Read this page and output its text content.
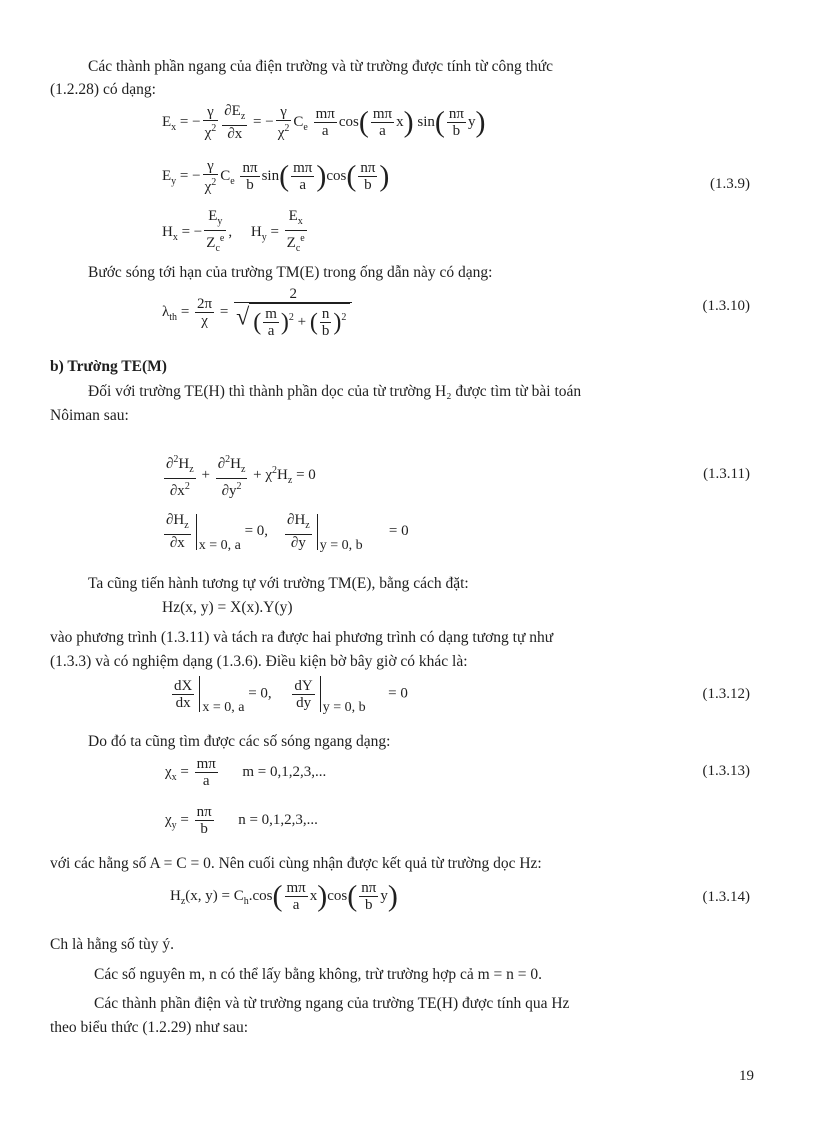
Các thành phần ngang của điện trường và từ trường được tính từ công thức
(1.2.28) có dạng:
$E_x$ = − $\frac{\gamma}{\chi^2} \frac{\partial E_z}{\partial x}$ = − $\frac{\gamma}{\chi^2} C_e \frac{m\pi}{a} \cos( \frac{m\pi}{a} x)$ $\sin( \frac{n\pi}{b} y)$
$E_y$ = − $\frac{\gamma}{\chi^2} C_e \frac{n\pi}{b} \sin( \frac{m\pi}{a} )\cos( \frac{n\pi}{b}$ )	(1.3.9)
$H_x$ = − $\frac{E_y}{Z_c^e}$ ,     $H_y = \frac{E_x}{Z_c^e}$
Bước sóng tới hạn của trường TM(E) trong ống dẫn này có dạng:
$\lambda_{th} = \frac{2\pi}{\chi} = \frac{2}{√ ( \frac{m}{a} )^2 + ( \frac{n}{b} )^2}$	(1.3.10)
b) Trường TE(M)
Đối với trường TE(H) thì thành phần dọc của từ trường H₂ được tìm từ bài toán
Nôiman sau:
$\frac{\partial^2H_z}{\partial x^2} + \frac{\partial^2H_z}{\partial y^2} + \chi^2H_z = 0$	(1.3.11)
$\frac{\partial H_z}{\partial x}$ x = 0, a = 0, $\frac{\partial H_z}{\partial y}$ y = 0, b       = 0
Ta cũng tiến hành tương tự với trường TM(E), bằng cách đặt:
Hz(x, y) = X(x).Y(y)
vào phương trình (1.3.11) và tách ra được hai phương trình có dạng tương tự như
(1.3.3) và có nghiệm dạng (1.3.6). Điều kiện bờ bây giờ có khác là:
$\frac{dX}{dx}$ x = 0, a = 0, $\frac{dY}{dy}$ y = 0, b      = 0	(1.3.12)
Do đó ta cũng tìm được các số sóng ngang dạng:
$\chi_x = \frac{m\pi}{a}$ m = 0,1,2,3,...	(1.3.13)
$\chi_y = \frac{n\pi}{b}$ n = 0,1,2,3,...
với các hằng số A = C = 0. Nên cuối cùng nhận được kết quả từ trường dọc Hz:
$H_z(x$, $y) = C_h.\cos( \frac{m\pi}{a} x)\cos( \frac{n\pi}{b} y)$	(1.3.14)
Ch là hằng số tùy ý.
Các số nguyên m, n có thể lấy bằng không, trừ trường hợp cả m = n = 0.
Các thành phần điện và từ trường ngang của trường TE(H) được tính qua Hz
theo biểu thức (1.2.29) như sau:
19
